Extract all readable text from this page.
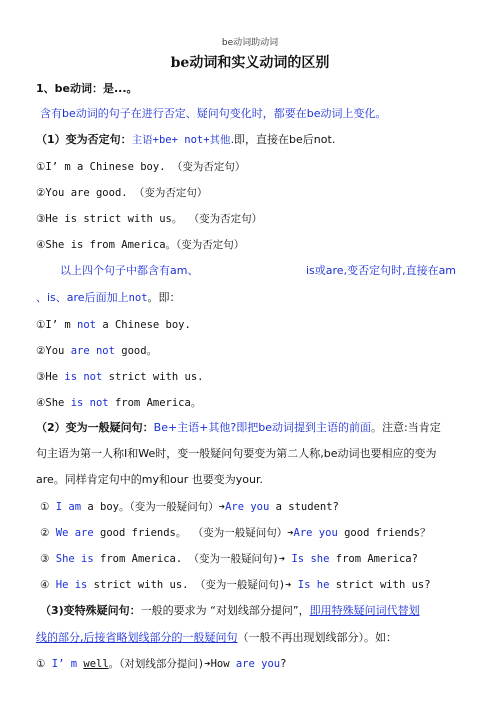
be动词助动词
be动词和实义动词的区别
1、be动词：是...。
含有be动词的句子在进行否定、疑问句变化时，都要在be动词上变化。
（1）变为否定句：主语+be+ not+其他.即，直接在be后not.
①I’ m a Chinese boy. （变为否定句）
②You are good. （变为否定句）
③He is strict with us。 （变为否定句）
④She is from America。（变为否定句）
以上四个句子中都含有am、	is或are,变否定句时,直接在am
、is、are后面加上not。即：
①I’ m not a Chinese boy.
②You are not good。
③He is not strict with us.
④She is not from America。
（2）变为一般疑问句：Be+主语+其他?即把be动词提到主语的前面。注意:当肯定
句主语为第一人称I和We时，变一般疑问句要变为第二人称,be动词也要相应的变为
are。同样肯定句中的my和our 也要变为your.
① I am a boy。（变为一般疑问句）➔Are you a student?
② We are good friends。 （变为一般疑问句）➔Are you good friends？
③ She is from America. （变为一般疑问句)➔ Is she from America?
④ He is strict with us. （变为一般疑问句)➔ Is he strict with us?
（3)变特殊疑问句：一般的要求为 “对划线部分提问”，即用特殊疑问词代替划
线的部分,后接省略划线部分的一般疑问句（一般不再出现划线部分）。如：
① I’ m well。（对划线部分提问)➔How are you?
